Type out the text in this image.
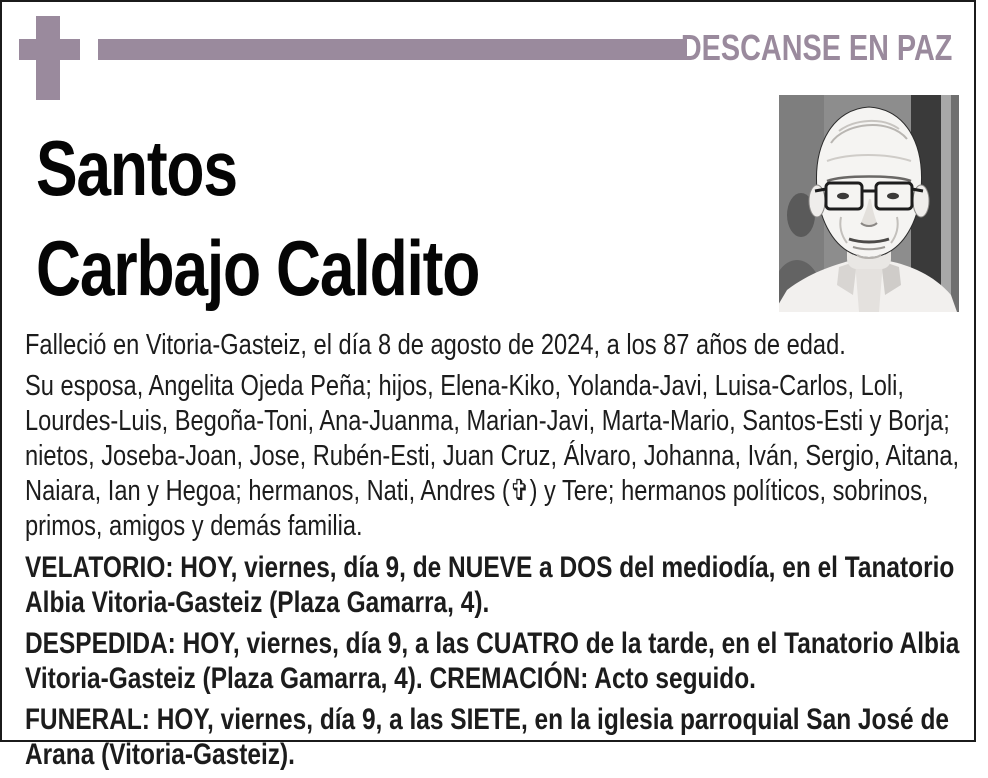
DESCANSE EN PAZ
Santos
Carbajo Caldito

Falleció en Vitoria-Gasteiz, el día 8 de agosto de 2024, a los 87 años de edad.

Su esposa, Angelita Ojeda Peña; hijos, Elena-Kiko, Yolanda-Javi, Luisa-Carlos, Loli, Lourdes-Luis, Begoña-Toni, Ana-Juanma, Marian-Javi, Marta-Mario, Santos-Esti y Borja; nietos, Joseba-Joan, Jose, Rubén-Esti, Juan Cruz, Álvaro, Johanna, Iván, Sergio, Aitana, Naiara, Ian y Hegoa; hermanos, Nati, Andres (✞) y Tere; hermanos políticos, sobrinos, primos, amigos y demás familia.

VELATORIO: HOY, viernes, día 9, de NUEVE a DOS del mediodía, en el Tanatorio Albia Vitoria-Gasteiz (Plaza Gamarra, 4).

DESPEDIDA: HOY, viernes, día 9, a las CUATRO de la tarde, en el Tanatorio Albia Vitoria-Gasteiz (Plaza Gamarra, 4). CREMACIÓN: Acto seguido.

FUNERAL: HOY, viernes, día 9, a las SIETE, en la iglesia parroquial San José de Arana (Vitoria-Gasteiz).
